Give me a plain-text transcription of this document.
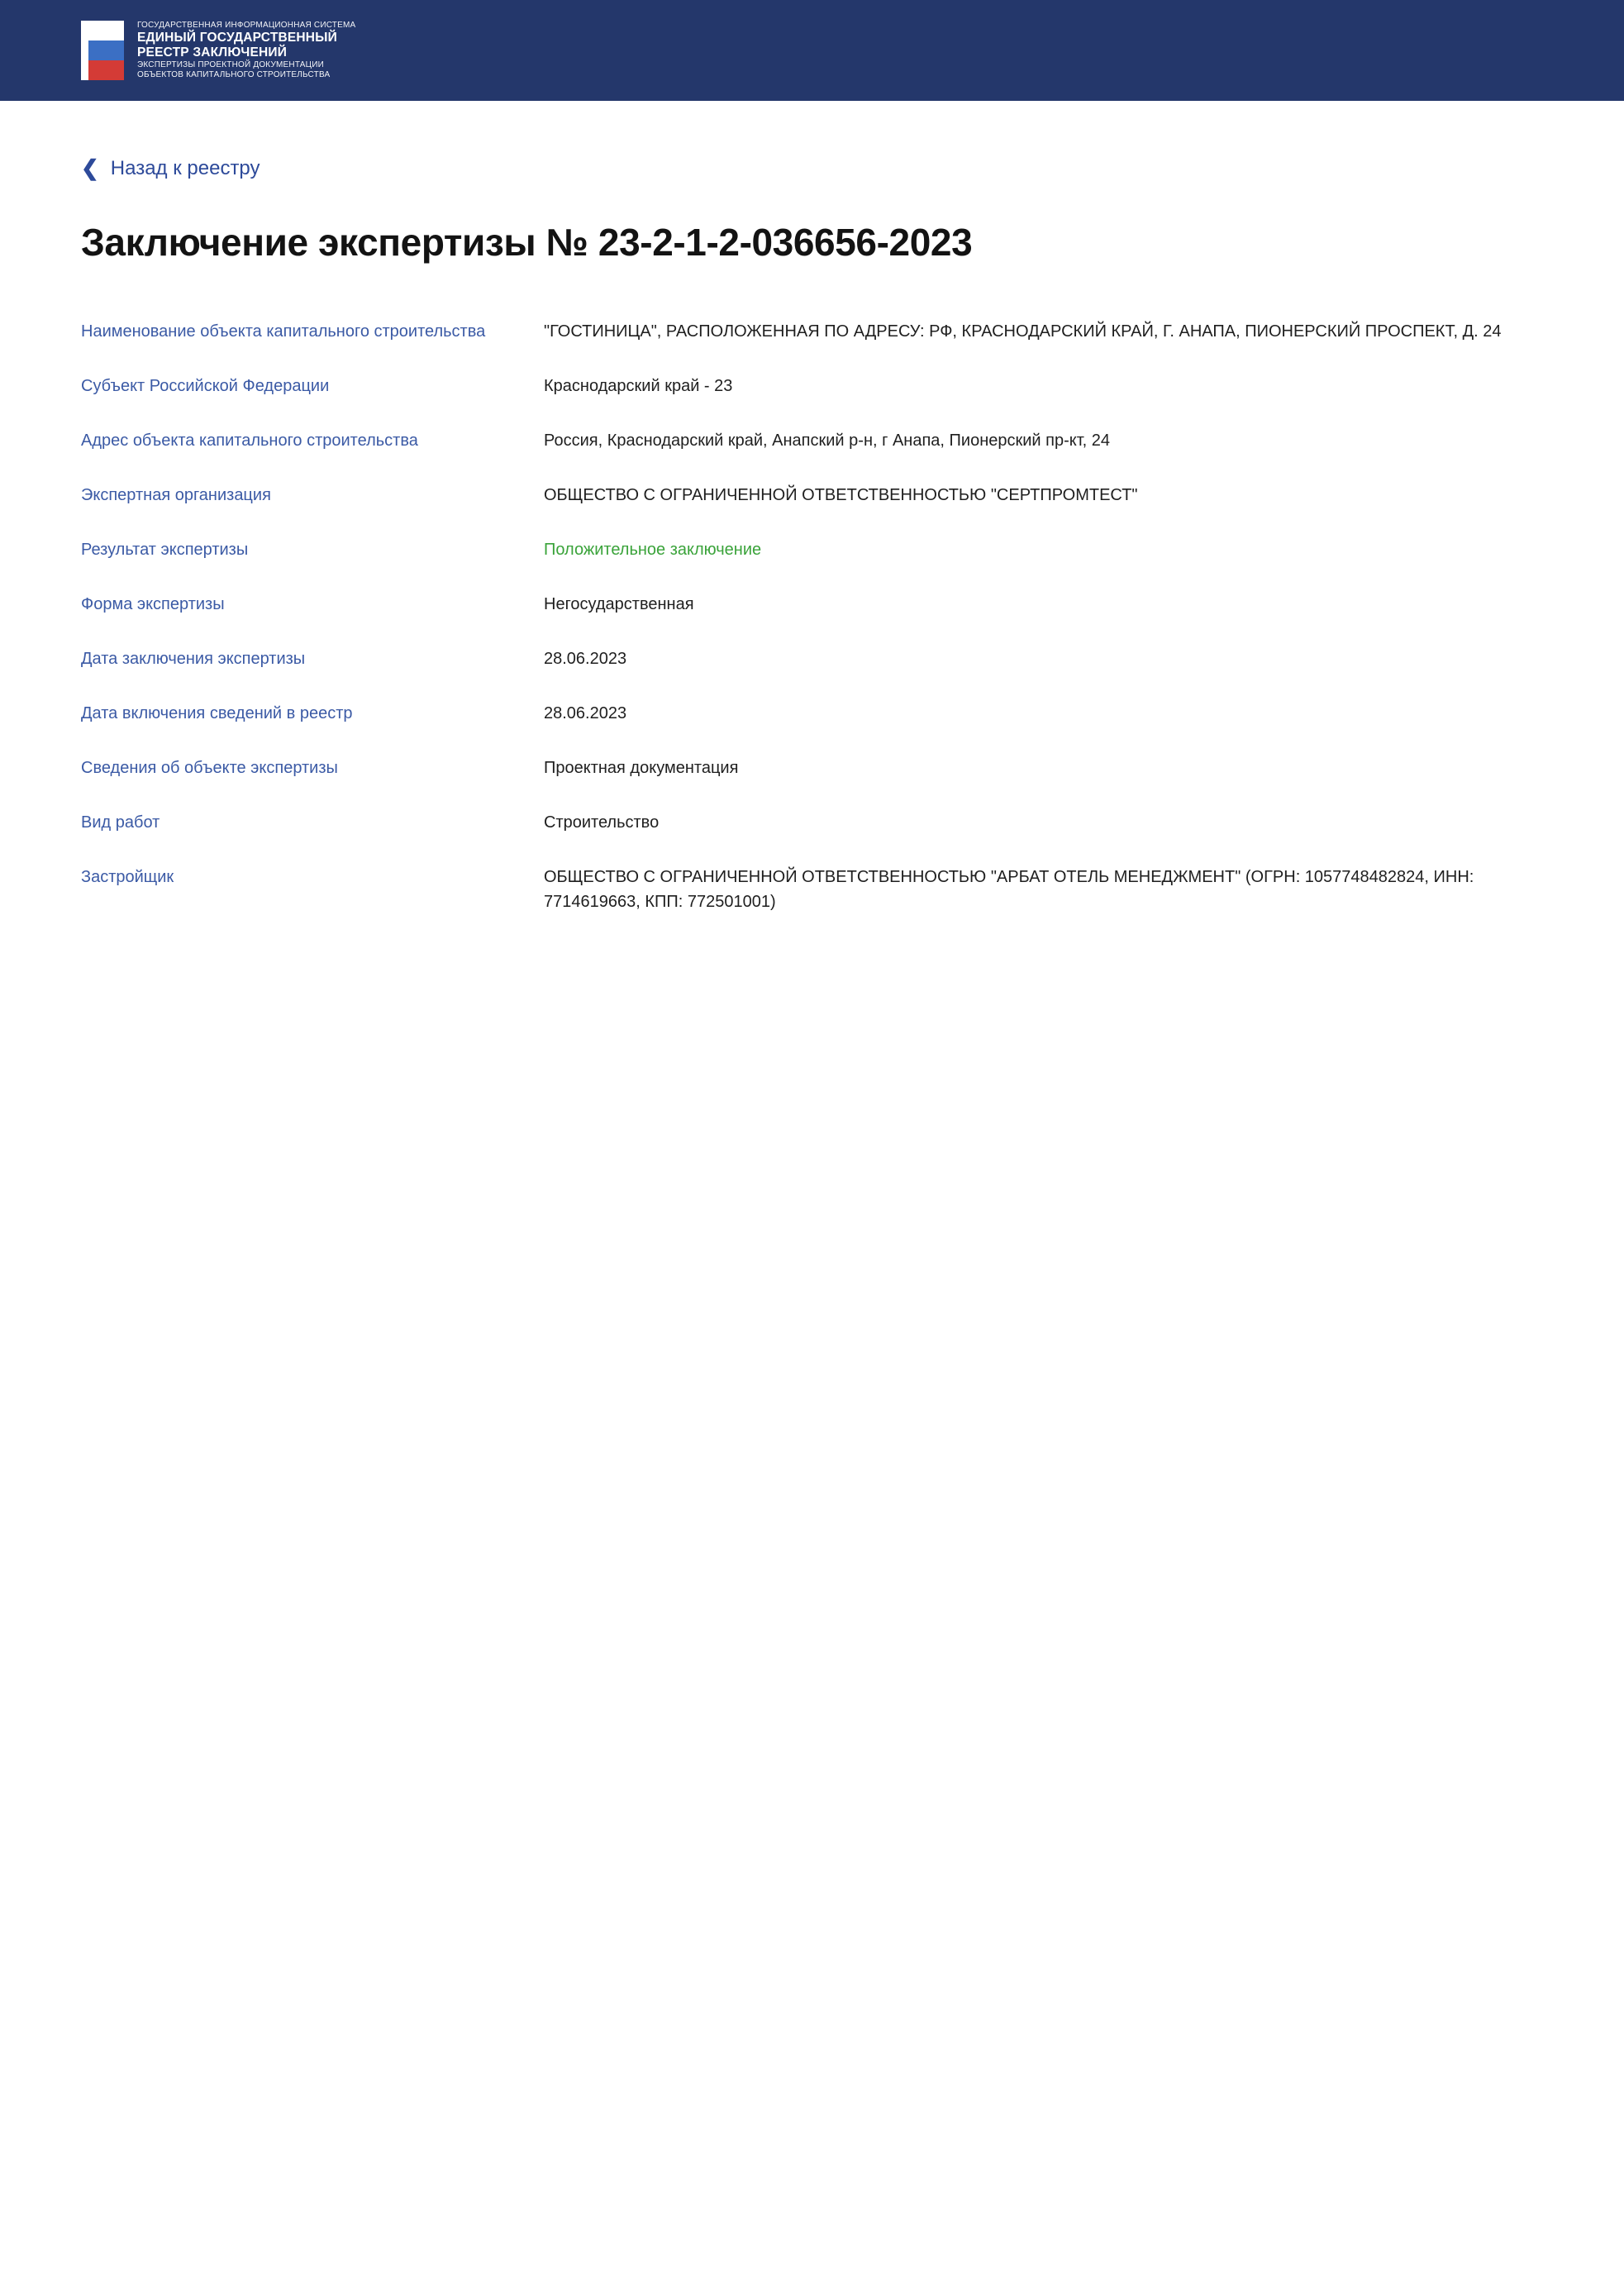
ГОСУДАРСТВЕННАЯ ИНФОРМАЦИОННАЯ СИСТЕМА
ЕДИНЫЙ ГОСУДАРСТВЕННЫЙ
РЕЕСТР ЗАКЛЮЧЕНИЙ
ЭКСПЕРТИЗЫ ПРОЕКТНОЙ ДОКУМЕНТАЦИИ
ОБЪЕКТОВ КАПИТАЛЬНОГО СТРОИТЕЛЬСТВА
❮ Назад к реестру
Заключение экспертизы № 23-2-1-2-036656-2023
Наименование объекта капитального строительства	"ГОСТИНИЦА", РАСПОЛОЖЕННАЯ ПО АДРЕСУ: РФ, КРАСНОДАРСКИЙ КРАЙ, Г. АНАПА, ПИОНЕРСКИЙ ПРОСПЕКТ, Д. 24
Субъект Российской Федерации	Краснодарский край - 23
Адрес объекта капитального строительства	Россия, Краснодарский край, Анапский р-н, г Анапа, Пионерский пр-кт, 24
Экспертная организация	ОБЩЕСТВО С ОГРАНИЧЕННОЙ ОТВЕТСТВЕННОСТЬЮ "СЕРТПРОМТЕСТ"
Результат экспертизы	Положительное заключение
Форма экспертизы	Негосударственная
Дата заключения экспертизы	28.06.2023
Дата включения сведений в реестр	28.06.2023
Сведения об объекте экспертизы	Проектная документация
Вид работ	Строительство
Застройщик	ОБЩЕСТВО С ОГРАНИЧЕННОЙ ОТВЕТСТВЕННОСТЬЮ "АРБАТ ОТЕЛЬ МЕНЕДЖМЕНТ" (ОГРН: 1057748482824, ИНН: 7714619663, КПП: 772501001)
